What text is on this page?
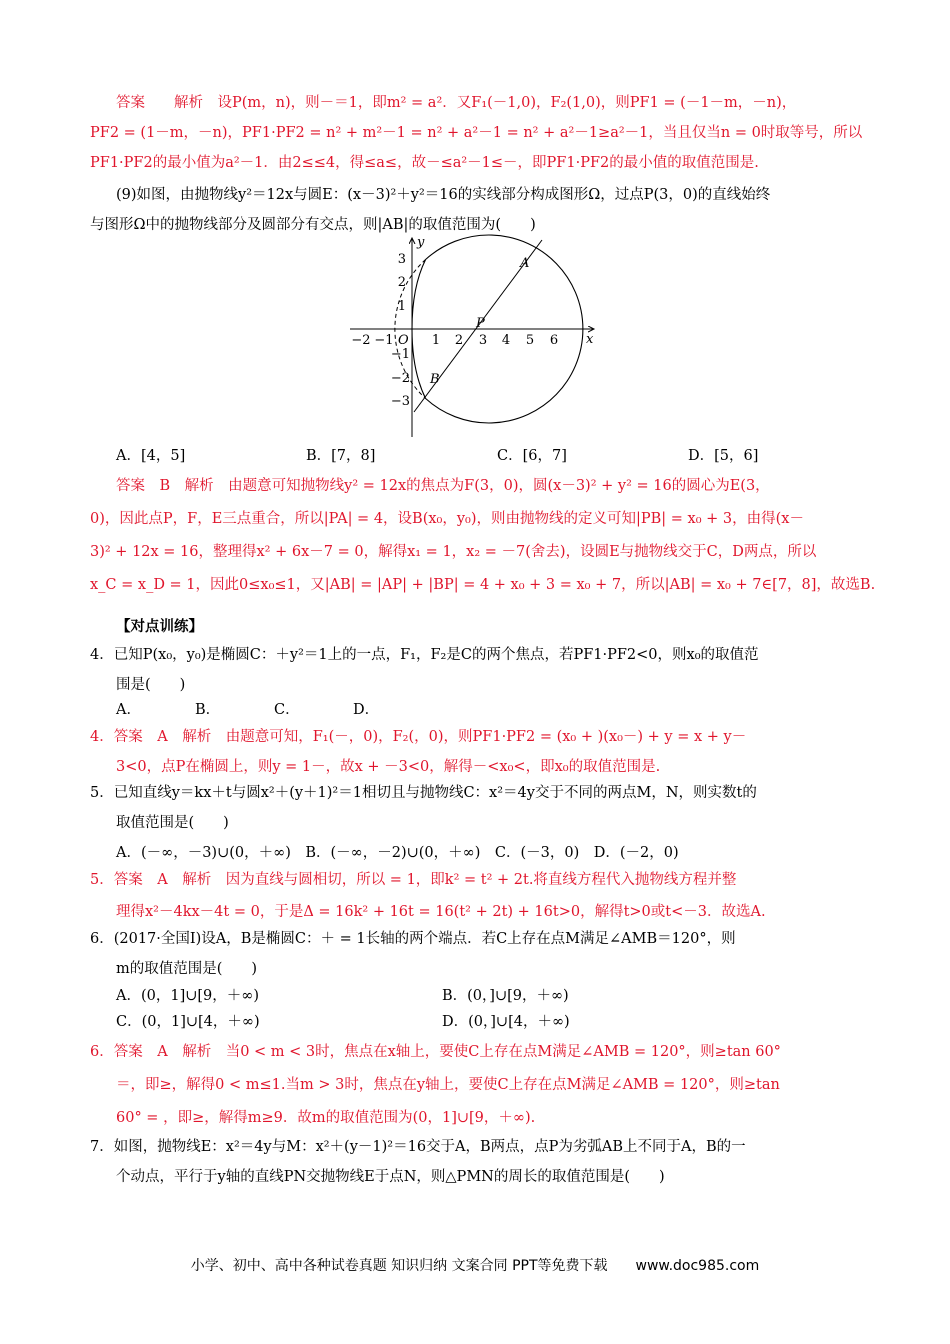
答案　　解析　设P(m，n)，则－＝1，即m² = a²．又F₁(－1,0)，F₂(1,0)，则PF1 = (－1－m，－n)，
PF2 = (1－m，－n)，PF1·PF2 = n² + m²－1 = n² + a²－1 = n² + a²－1≥a²－1，当且仅当n = 0时取等号，所以
PF1·PF2的最小值为a²－1．由2≤≤4，得≤a≤，故－≤a²－1≤－，即PF1·PF2的最小值的取值范围是.
(9)如图，由抛物线y²＝12x与圆E：(x－3)²＋y²＝16的实线部分构成图形Ω，过点P(3，0)的直线始终
与图形Ω中的抛物线部分及圆部分有交点，则|AB|的取值范围为(　　)
−2 −1	1 2 3 4 5 6
3
2
1
−1
−2
−3
x
y
O
A
B
P
A．[4，5]	B．[7，8]	C．[6，7]	D．[5，6]
答案　B　解析　由题意可知抛物线y² = 12x的焦点为F(3，0)，圆(x－3)² + y² = 16的圆心为E(3，
0)，因此点P，F，E三点重合，所以|PA| = 4，设B(x₀，y₀)，则由抛物线的定义可知|PB| = x₀ + 3，由得(x－
3)² + 12x = 16，整理得x² + 6x－7 = 0，解得x₁ = 1，x₂ = －7(舍去)，设圆E与抛物线交于C，D两点，所以
x_C = x_D = 1，因此0≤x₀≤1，又|AB| = |AP| + |BP| = 4 + x₀ + 3 = x₀ + 7，所以|AB| = x₀ + 7∈[7，8]，故选B.
【对点训练】
4．已知P(x₀，y₀)是椭圆C：＋y²＝1上的一点，F₁，F₂是C的两个焦点，若PF1·PF2<0，则x₀的取值范
围是(　　)
A．	B．	C．	D．
4．答案　A　解析　由题意可知，F₁(－，0)，F₂(，0)，则PF1·PF2 = (x₀ + )(x₀－) + y = x + y－
3<0，点P在椭圆上，则y = 1－，故x + －3<0，解得－<x₀<，即x₀的取值范围是.
5．已知直线y＝kx＋t与圆x²＋(y＋1)²＝1相切且与抛物线C：x²＝4y交于不同的两点M，N，则实数t的
取值范围是(　　)
A．(－∞，－3)∪(0，＋∞)　B．(－∞，－2)∪(0，＋∞)　C．(－3，0)　D．(－2，0)
5．答案　A　解析　因为直线与圆相切，所以 = 1，即k² = t² + 2t.将直线方程代入抛物线方程并整
理得x²－4kx－4t = 0，于是Δ = 16k² + 16t = 16(t² + 2t) + 16t>0，解得t>0或t<－3．故选A.
6．(2017·全国Ⅰ)设A，B是椭圆C：＋ = 1长轴的两个端点．若C上存在点M满足∠AMB＝120°，则
m的取值范围是(　　)
A．(0，1]∪[9，＋∞)	B．(0，]∪[9，＋∞)
C．(0，1]∪[4，＋∞)	D．(0，]∪[4，＋∞)
6．答案　A　解析　当0 < m < 3时，焦点在x轴上，要使C上存在点M满足∠AMB = 120°，则≥tan 60°
＝，即≥，解得0 < m≤1.当m > 3时，焦点在y轴上，要使C上存在点M满足∠AMB = 120°，则≥tan
60° = ，即≥，解得m≥9．故m的取值范围为(0，1]∪[9，＋∞).
7．如图，抛物线E：x²＝4y与M：x²＋(y－1)²＝16交于A，B两点，点P为劣弧AB上不同于A，B的一
个动点，平行于y轴的直线PN交抛物线E于点N，则△PMN的周长的取值范围是(　　)
小学、初中、高中各种试卷真题 知识归纳 文案合同 PPT等免费下载　　www.doc985.com
